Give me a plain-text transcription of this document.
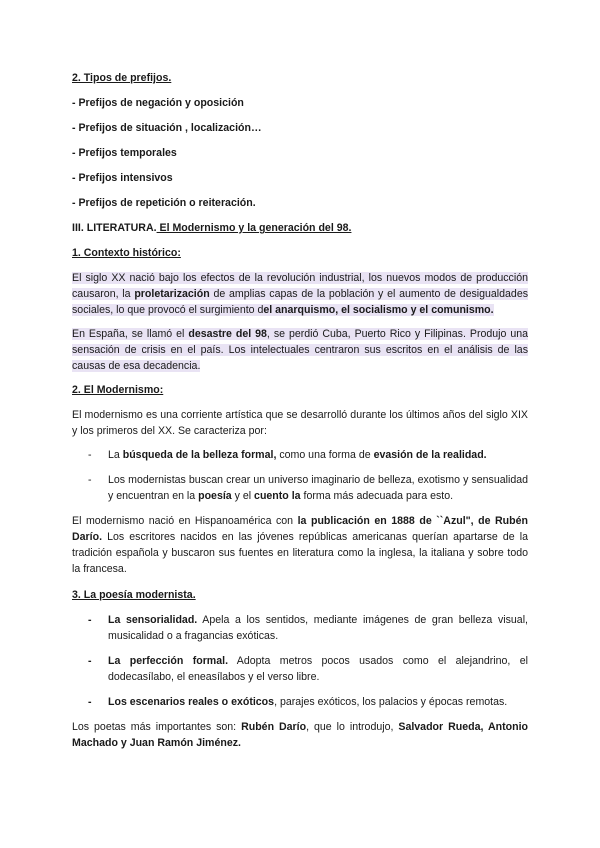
2. Tipos de prefijos.

- Prefijos de negación y oposición

- Prefijos de situación , localización…

- Prefijos temporales

- Prefijos intensivos

- Prefijos de repetición o reiteración.

III. LITERATURA. El Modernismo y la generación del 98.

1. Contexto histórico:

El siglo XX nació bajo los efectos de la revolución industrial, los nuevos modos de producción causaron, la proletarización de amplias capas de la población y el aumento de desigualdades sociales, lo que provocó el surgimiento del anarquismo, el socialismo y el comunismo.

En España, se llamó el desastre del 98, se perdió Cuba, Puerto Rico y Filipinas. Produjo una sensación de crisis en el país. Los intelectuales centraron sus escritos en el análisis de las causas de esa decadencia.

2. El Modernismo:

El modernismo es una corriente artística que se desarrolló durante los últimos años del siglo XIX y los primeros del XX. Se caracteriza por:

- La búsqueda de la belleza formal, como una forma de evasión de la realidad.
- Los modernistas buscan crear un universo imaginario de belleza, exotismo y sensualidad y encuentran en la poesía y el cuento la forma más adecuada para esto.

El modernismo nació en Hispanoamérica con la publicación en 1888 de ``Azul", de Rubén Darío. Los escritores nacidos en las jóvenes repúblicas americanas querían apartarse de la tradición española y buscaron sus fuentes en literatura como la inglesa, la italiana y sobre todo la francesa.

3. La poesía modernista.

- La sensorialidad. Apela a los sentidos, mediante imágenes de gran belleza visual, musicalidad o a fragancias exóticas.
- La perfección formal. Adopta metros pocos usados como el alejandrino, el dodecasílabo, el eneasílabos y el verso libre.
- Los escenarios reales o exóticos, parajes exóticos, los palacios y épocas remotas.

Los poetas más importantes son: Rubén Darío, que lo introdujo, Salvador Rueda, Antonio Machado y Juan Ramón Jiménez.
